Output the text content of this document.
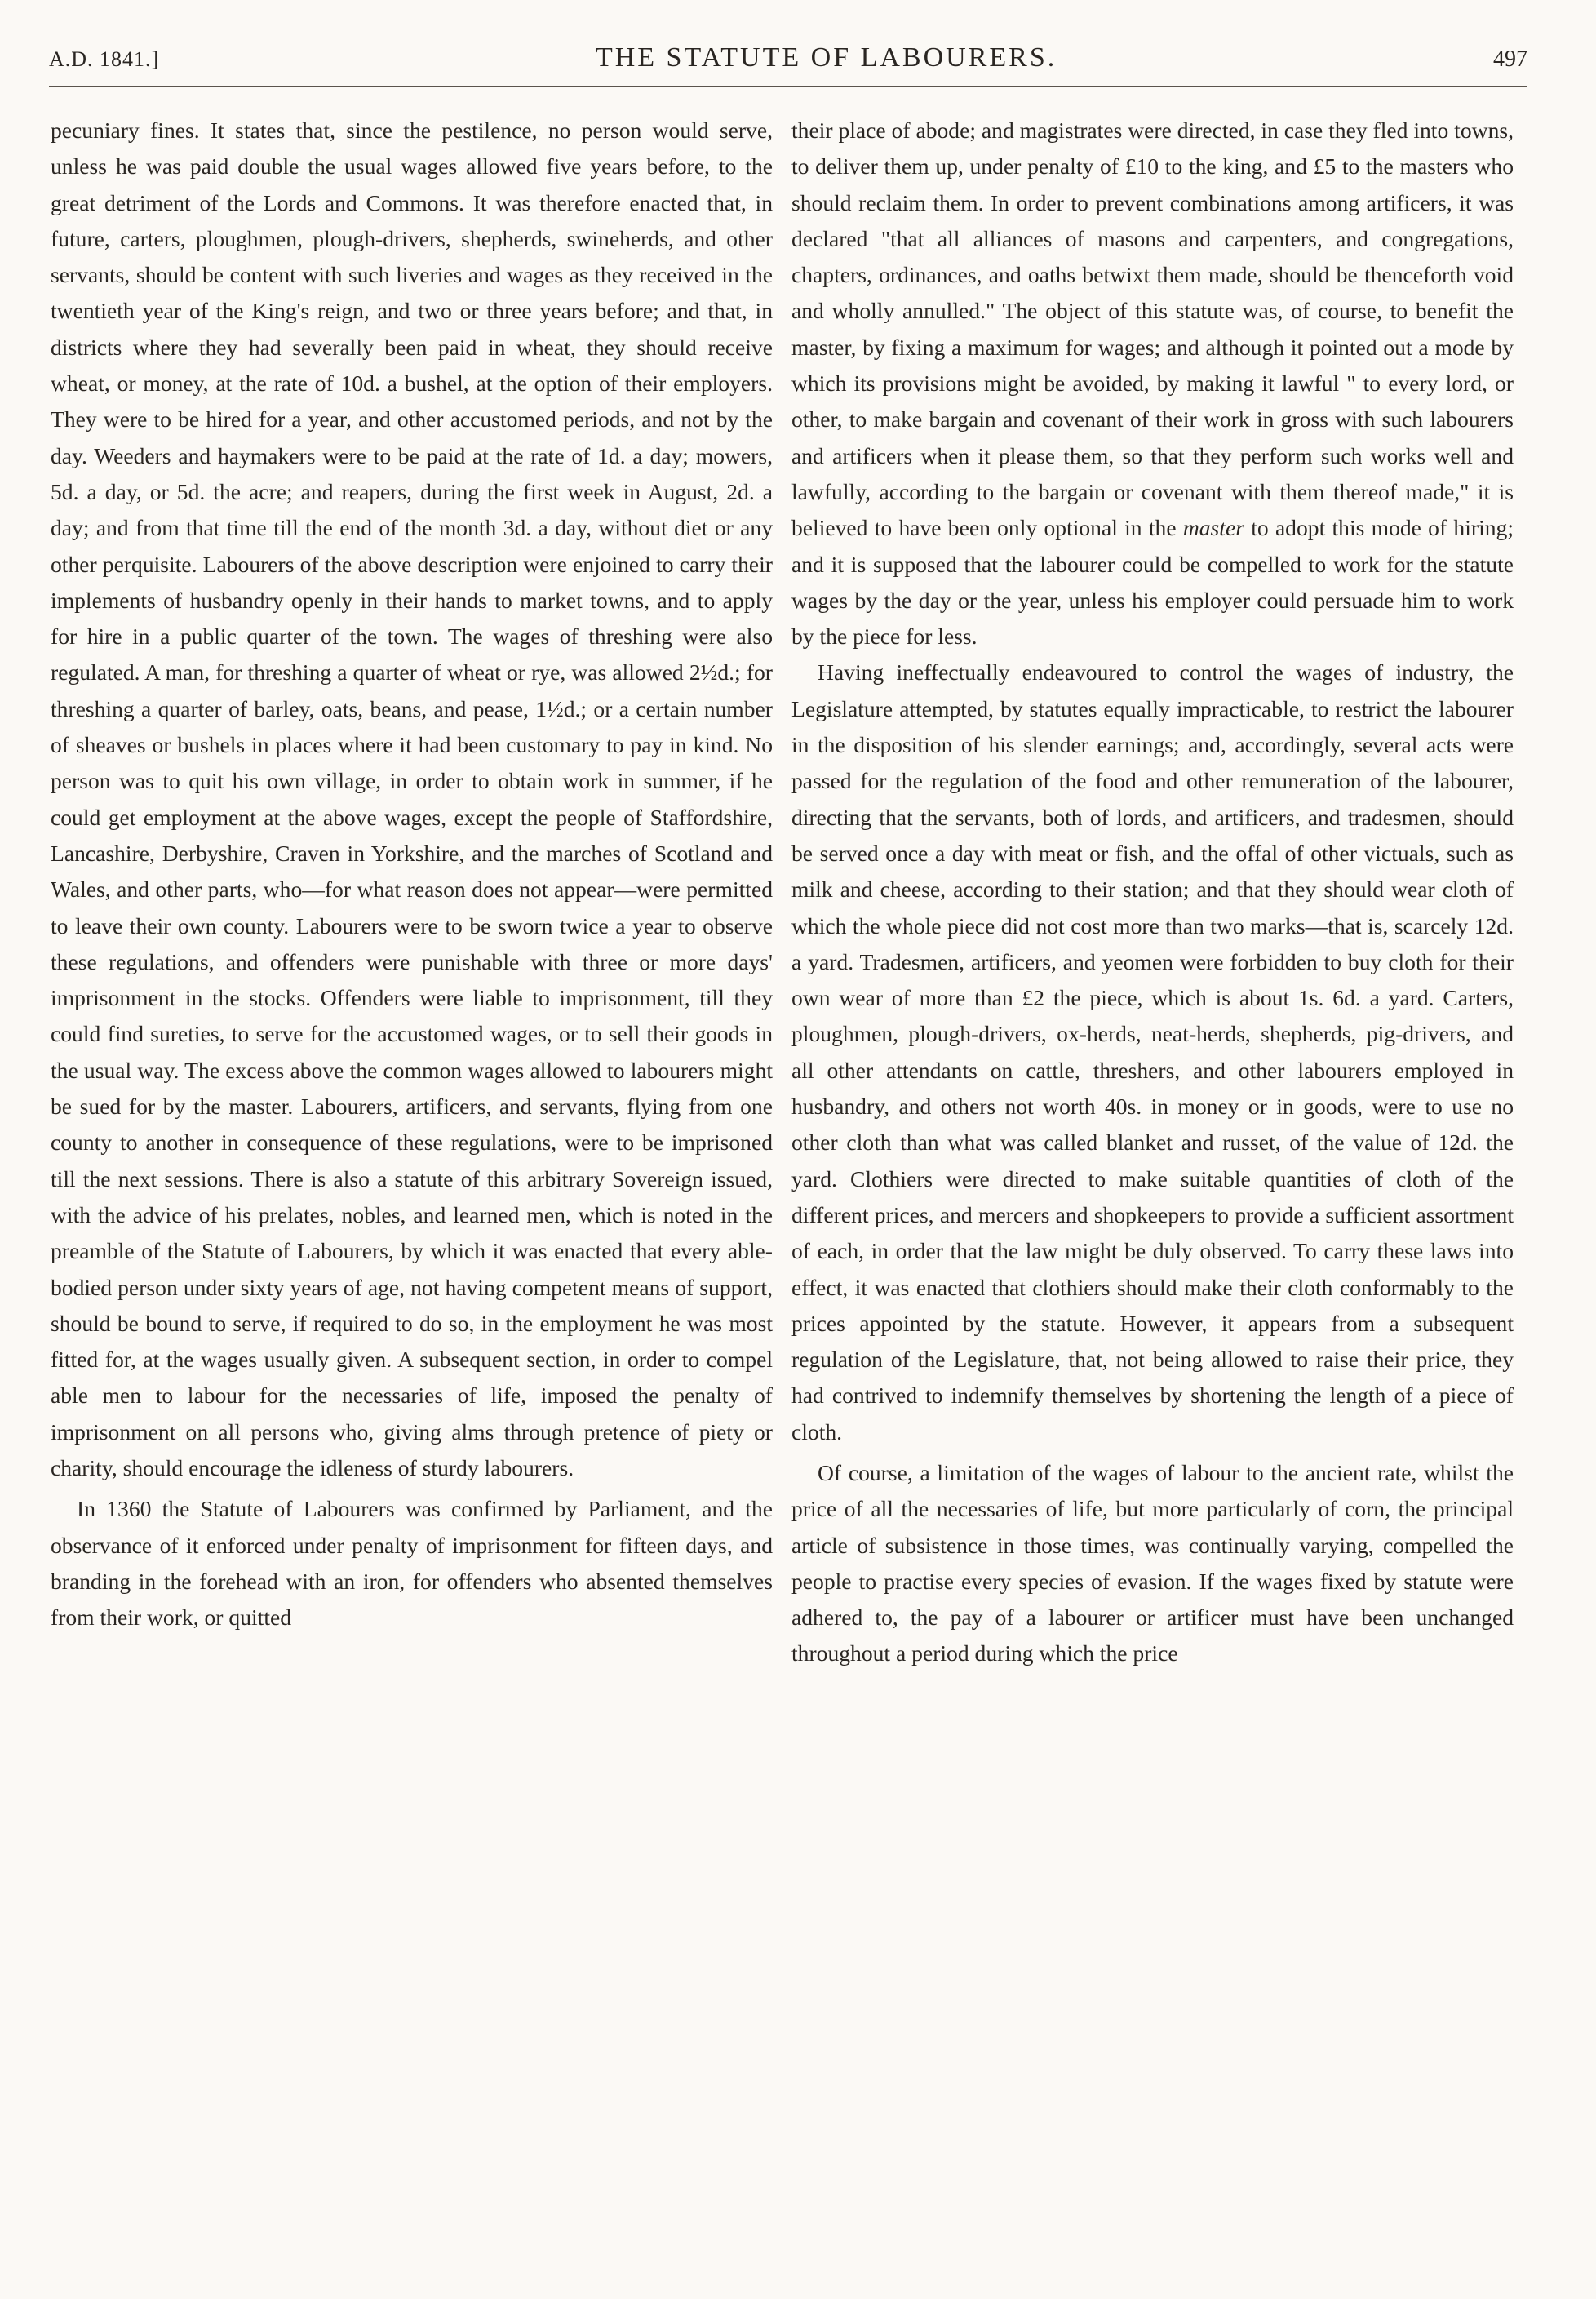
A.D. 1841.]	THE STATUTE OF LABOURERS.	497

pecuniary fines. It states that, since the pestilence, no person would serve, unless he was paid double the usual wages allowed five years before, to the great detriment of the Lords and Commons. It was therefore enacted that, in future, carters, ploughmen, plough-drivers, shepherds, swineherds, and other servants, should be content with such liveries and wages as they received in the twentieth year of the King's reign, and two or three years before; and that, in districts where they had severally been paid in wheat, they should receive wheat, or money, at the rate of 10d. a bushel, at the option of their employers. They were to be hired for a year, and other accustomed periods, and not by the day. Weeders and haymakers were to be paid at the rate of 1d. a day; mowers, 5d. a day, or 5d. the acre; and reapers, during the first week in August, 2d. a day; and from that time till the end of the month 3d. a day, without diet or any other perquisite. Labourers of the above description were enjoined to carry their implements of husbandry openly in their hands to market towns, and to apply for hire in a public quarter of the town. The wages of threshing were also regulated. A man, for threshing a quarter of wheat or rye, was allowed 2½d.; for threshing a quarter of barley, oats, beans, and pease, 1½d.; or a certain number of sheaves or bushels in places where it had been customary to pay in kind. No person was to quit his own village, in order to obtain work in summer, if he could get employment at the above wages, except the people of Staffordshire, Lancashire, Derbyshire, Craven in Yorkshire, and the marches of Scotland and Wales, and other parts, who—for what reason does not appear—were permitted to leave their own county. Labourers were to be sworn twice a year to observe these regulations, and offenders were punishable with three or more days' imprisonment in the stocks. Offenders were liable to imprisonment, till they could find sureties, to serve for the accustomed wages, or to sell their goods in the usual way. The excess above the common wages allowed to labourers might be sued for by the master. Labourers, artificers, and servants, flying from one county to another in consequence of these regulations, were to be imprisoned till the next sessions. There is also a statute of this arbitrary Sovereign issued, with the advice of his prelates, nobles, and learned men, which is noted in the preamble of the Statute of Labourers, by which it was enacted that every able-bodied person under sixty years of age, not having competent means of support, should be bound to serve, if required to do so, in the employment he was most fitted for, at the wages usually given. A subsequent section, in order to compel able men to labour for the necessaries of life, imposed the penalty of imprisonment on all persons who, giving alms through pretence of piety or charity, should encourage the idleness of sturdy labourers.

In 1360 the Statute of Labourers was confirmed by Parliament, and the observance of it enforced under penalty of imprisonment for fifteen days, and branding in the forehead with an iron, for offenders who absented themselves from their work, or quitted

their place of abode; and magistrates were directed, in case they fled into towns, to deliver them up, under penalty of £10 to the king, and £5 to the masters who should reclaim them. In order to prevent combinations among artificers, it was declared "that all alliances of masons and carpenters, and congregations, chapters, ordinances, and oaths betwixt them made, should be thenceforth void and wholly annulled." The object of this statute was, of course, to benefit the master, by fixing a maximum for wages; and although it pointed out a mode by which its provisions might be avoided, by making it lawful " to every lord, or other, to make bargain and covenant of their work in gross with such labourers and artificers when it please them, so that they perform such works well and lawfully, according to the bargain or covenant with them thereof made," it is believed to have been only optional in the master to adopt this mode of hiring; and it is supposed that the labourer could be compelled to work for the statute wages by the day or the year, unless his employer could persuade him to work by the piece for less.

Having ineffectually endeavoured to control the wages of industry, the Legislature attempted, by statutes equally impracticable, to restrict the labourer in the disposition of his slender earnings; and, accordingly, several acts were passed for the regulation of the food and other remuneration of the labourer, directing that the servants, both of lords, and artificers, and tradesmen, should be served once a day with meat or fish, and the offal of other victuals, such as milk and cheese, according to their station; and that they should wear cloth of which the whole piece did not cost more than two marks—that is, scarcely 12d. a yard. Tradesmen, artificers, and yeomen were forbidden to buy cloth for their own wear of more than £2 the piece, which is about 1s. 6d. a yard. Carters, ploughmen, plough-drivers, ox-herds, neat-herds, shepherds, pig-drivers, and all other attendants on cattle, threshers, and other labourers employed in husbandry, and others not worth 40s. in money or in goods, were to use no other cloth than what was called blanket and russet, of the value of 12d. the yard. Clothiers were directed to make suitable quantities of cloth of the different prices, and mercers and shopkeepers to provide a sufficient assortment of each, in order that the law might be duly observed. To carry these laws into effect, it was enacted that clothiers should make their cloth conformably to the prices appointed by the statute. However, it appears from a subsequent regulation of the Legislature, that, not being allowed to raise their price, they had contrived to indemnify themselves by shortening the length of a piece of cloth.

Of course, a limitation of the wages of labour to the ancient rate, whilst the price of all the necessaries of life, but more particularly of corn, the principal article of subsistence in those times, was continually varying, compelled the people to practise every species of evasion. If the wages fixed by statute were adhered to, the pay of a labourer or artificer must have been unchanged throughout a period during which the price
